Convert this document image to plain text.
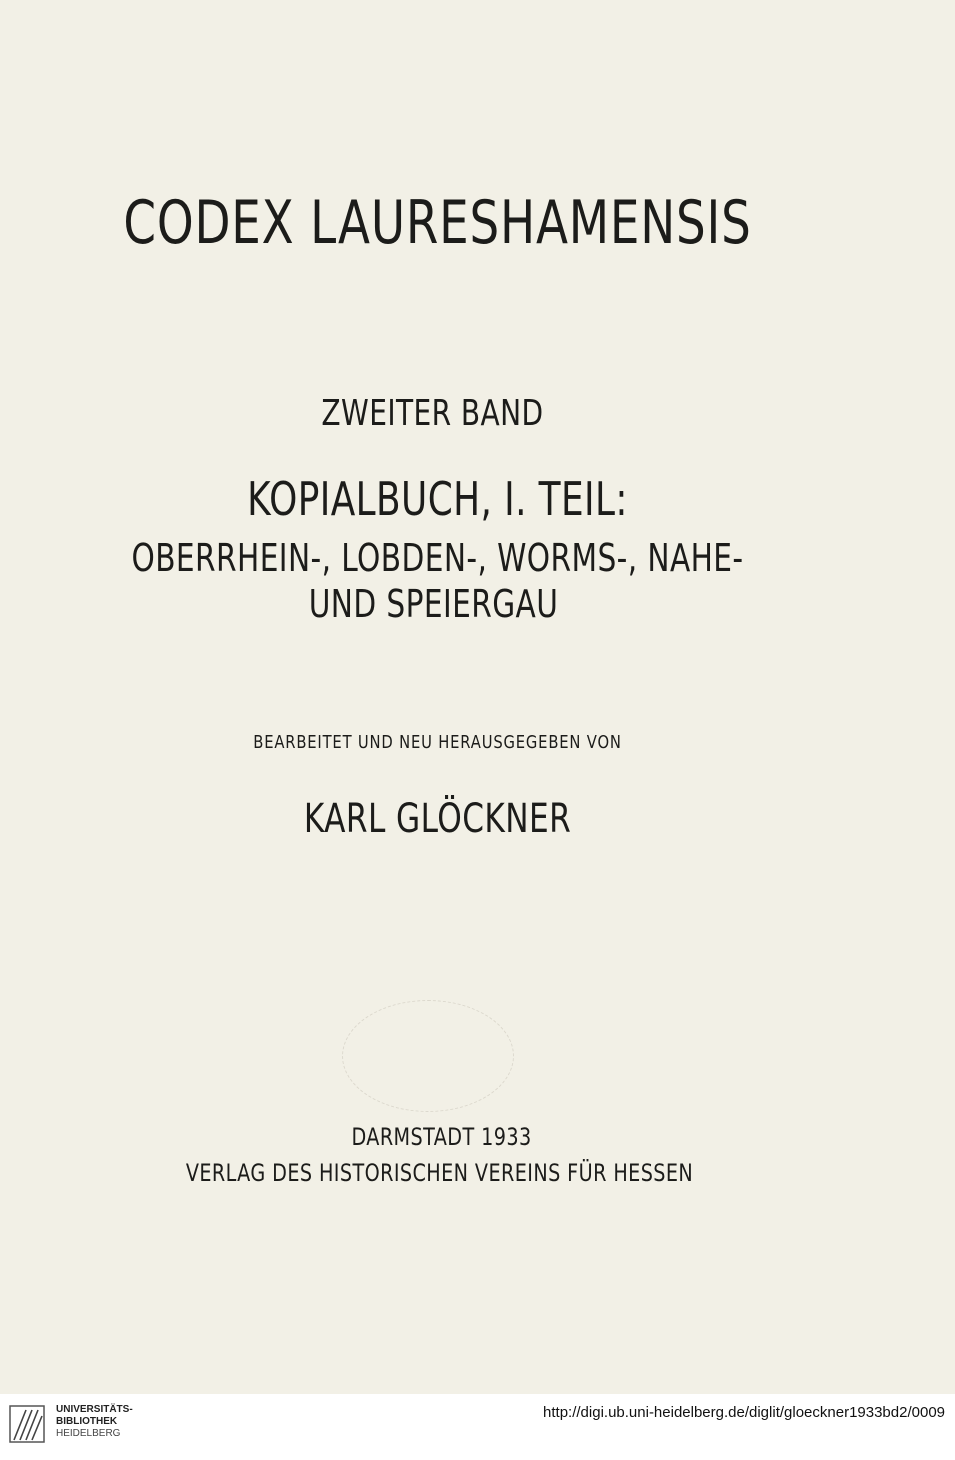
CODEX LAURESHAMENSIS
ZWEITER BAND
KOPIALBUCH, I. TEIL:
OBERRHEIN-, LOBDEN-, WORMS-, NAHE-
UND SPEIERGAU
BEARBEITET UND NEU HERAUSGEGEBEN VON
KARL GLÖCKNER
DARMSTADT 1933
VERLAG DES HISTORISCHEN VEREINS FÜR HESSEN
UNIVERSITÄTS-
BIBLIOTHEK
HEIDELBERG
http://digi.ub.uni-heidelberg.de/diglit/gloeckner1933bd2/0009
